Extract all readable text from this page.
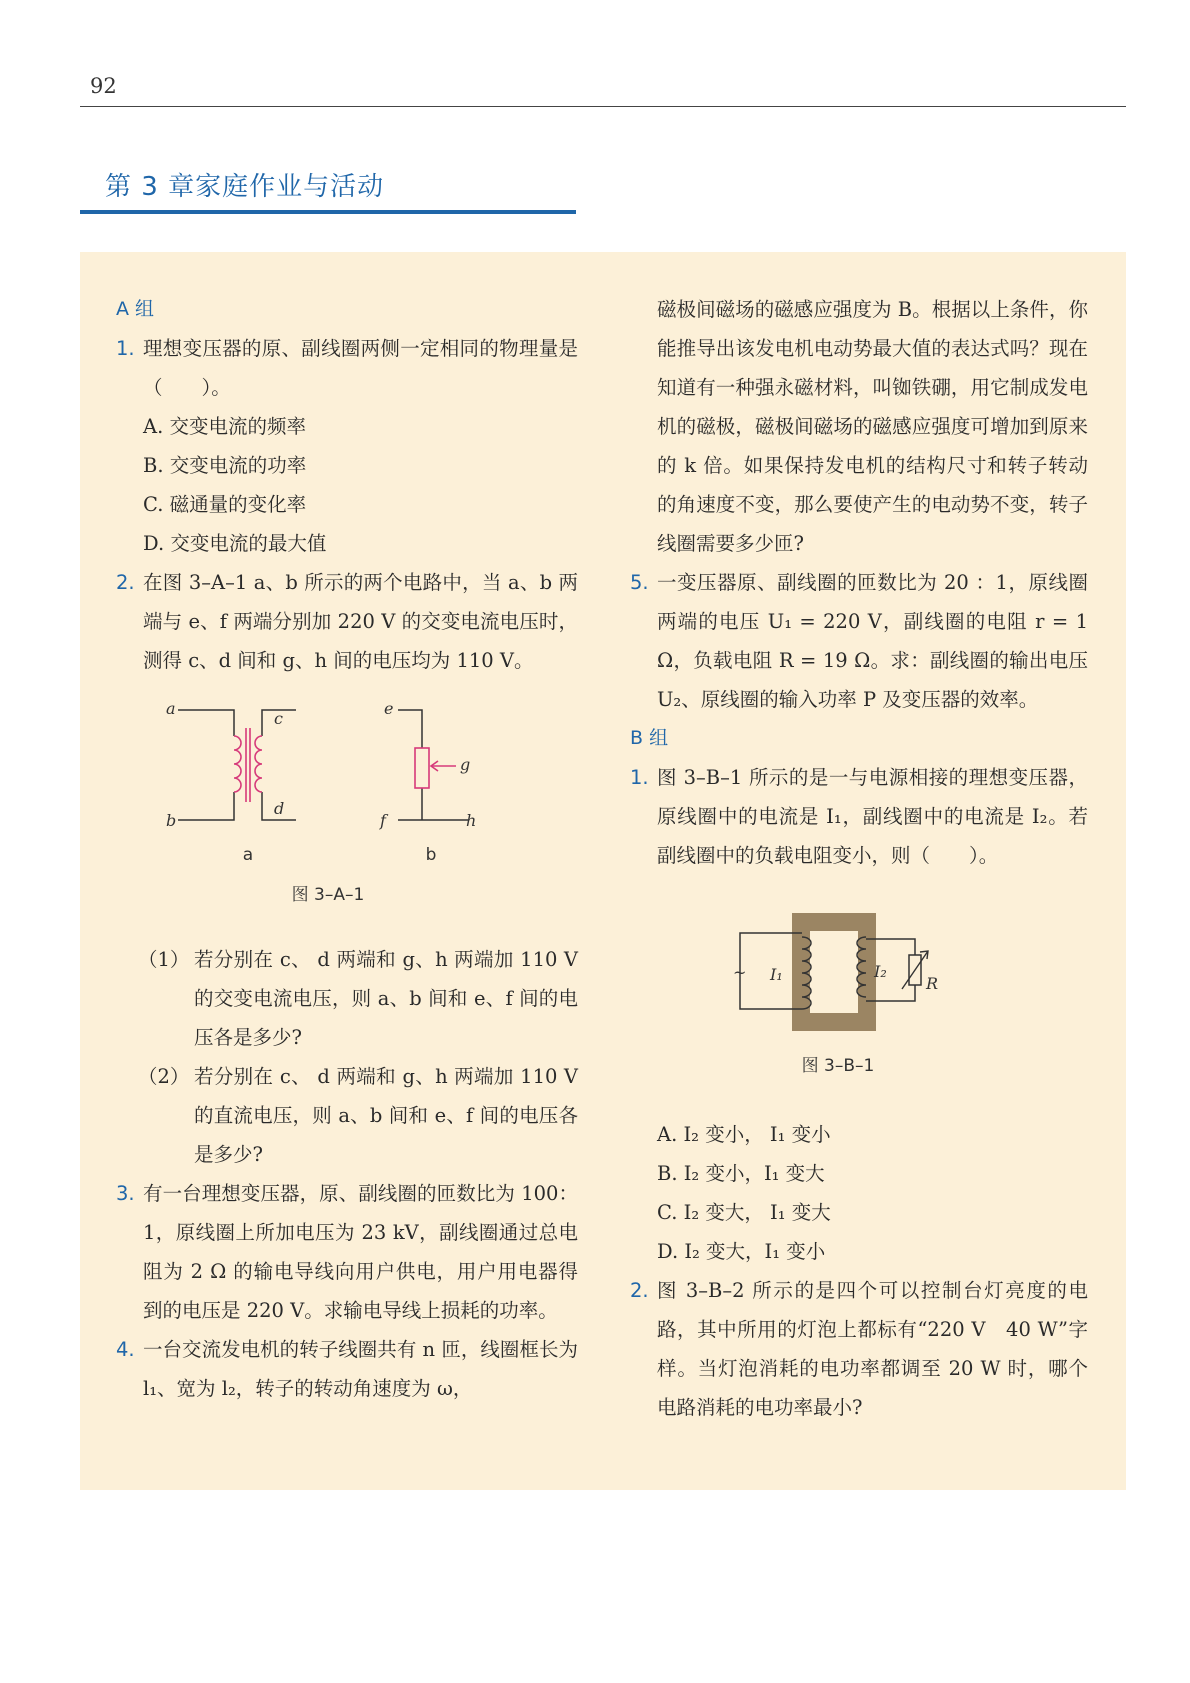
92
第 3 章家庭作业与活动
A 组
1. 理想变压器的原、副线圈两侧一定相同的物理量是（　　）。
A. 交变电流的频率
B. 交变电流的功率
C. 磁通量的变化率
D. 交变电流的最大值
2. 在图 3–A–1 a、b 所示的两个电路中，当 a、b 两端与 e、f 两端分别加 220 V 的交变电流电压时，测得 c、d 间和 g、h 间的电压均为 110 V。
a
b
c
d
e
f
g
h
a	b
图 3–A–1
（1） 若分别在 c、 d 两端和 g、h 两端加 110 V 的交变电流电压，则 a、b 间和 e、f 间的电压各是多少?
（2） 若分别在 c、 d 两端和 g、h 两端加 110 V 的直流电压，则 a、b 间和 e、f 间的电压各是多少?
3. 有一台理想变压器，原、副线圈的匝数比为 100：1，原线圈上所加电压为 23 kV，副线圈通过总电阻为 2 Ω 的输电导线向用户供电，用户用电器得到的电压是 220 V。求输电导线上损耗的功率。
4. 一台交流发电机的转子线圈共有 n 匝，线圈框长为 l₁、宽为 l₂，转子的转动角速度为 ω，
磁极间磁场的磁感应强度为 B。根据以上条件，你能推导出该发电机电动势最大值的表达式吗？现在知道有一种强永磁材料，叫铷铁硼，用它制成发电机的磁极，磁极间磁场的磁感应强度可增加到原来的 k 倍。如果保持发电机的结构尺寸和转子转动的角速度不变，那么要使产生的电动势不变，转子线圈需要多少匝?
5. 一变压器原、副线圈的匝数比为 20 ：1，原线圈两端的电压 U₁ = 220 V，副线圈的电阻 r = 1 Ω，负载电阻 R = 19 Ω。求：副线圈的输出电压 U₂、原线圈的输入功率 P 及变压器的效率。
B 组
1. 图 3–B–1 所示的是一与电源相接的理想变压器，原线圈中的电流是 I₁，副线圈中的电流是 I₂。若副线圈中的负载电阻变小，则（　　）。
~ I₁	I₂
R
图 3–B–1
A. I₂ 变小， I₁ 变小
B. I₂ 变小，I₁ 变大
C. I₂ 变大， I₁ 变大
D. I₂ 变大，I₁ 变小
2. 图 3–B–2 所示的是四个可以控制台灯亮度的电路，其中所用的灯泡上都标有“220 V　40 W”字样。当灯泡消耗的电功率都调至 20 W 时，哪个电路消耗的电功率最小?
